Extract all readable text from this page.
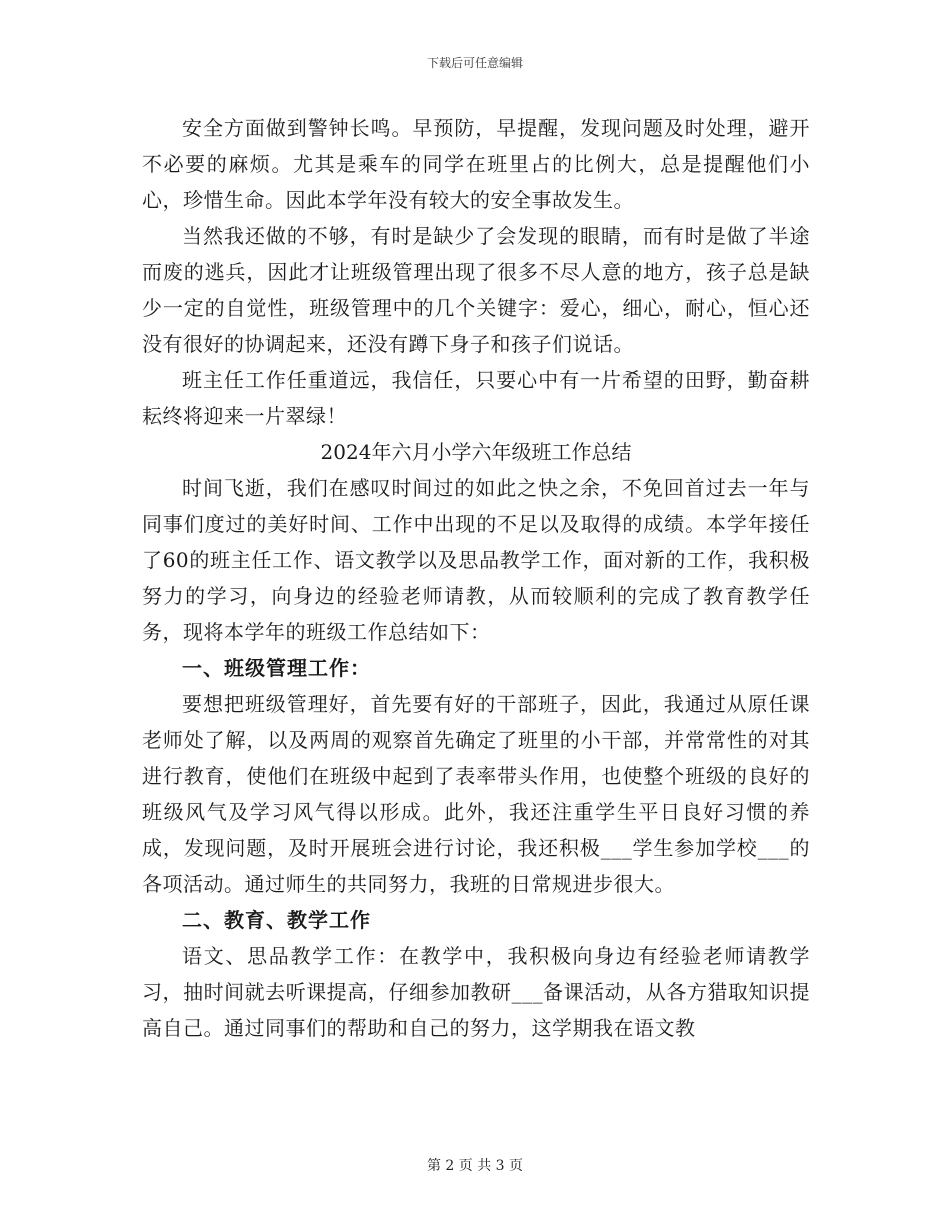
下载后可任意编辑

安全方面做到警钟长鸣。早预防，早提醒，发现问题及时处理，避开不必要的麻烦。尤其是乘车的同学在班里占的比例大，总是提醒他们小心，珍惜生命。因此本学年没有较大的安全事故发生。

当然我还做的不够，有时是缺少了会发现的眼睛，而有时是做了半途而废的逃兵，因此才让班级管理出现了很多不尽人意的地方，孩子总是缺少一定的自觉性，班级管理中的几个关键字：爱心，细心，耐心，恒心还没有很好的协调起来，还没有蹲下身子和孩子们说话。

班主任工作任重道远，我信任，只要心中有一片希望的田野，勤奋耕耘终将迎来一片翠绿！

2024年六月小学六年级班工作总结

时间飞逝，我们在感叹时间过的如此之快之余，不免回首过去一年与同事们度过的美好时间、工作中出现的不足以及取得的成绩。本学年接任了60的班主任工作、语文教学以及思品教学工作，面对新的工作，我积极努力的学习，向身边的经验老师请教，从而较顺利的完成了教育教学任务，现将本学年的班级工作总结如下：

一、班级管理工作：

要想把班级管理好，首先要有好的干部班子，因此，我通过从原任课老师处了解，以及两周的观察首先确定了班里的小干部，并常常性的对其进行教育，使他们在班级中起到了表率带头作用，也使整个班级的良好的班级风气及学习风气得以形成。此外，我还注重学生平日良好习惯的养成，发现问题，及时开展班会进行讨论，我还积极___学生参加学校___的各项活动。通过师生的共同努力，我班的日常规进步很大。

二、教育、教学工作

语文、思品教学工作：在教学中，我积极向身边有经验老师请教学习，抽时间就去听课提高，仔细参加教研___备课活动，从各方猎取知识提高自己。通过同事们的帮助和自己的努力，这学期我在语文教

第 2 页 共 3 页
